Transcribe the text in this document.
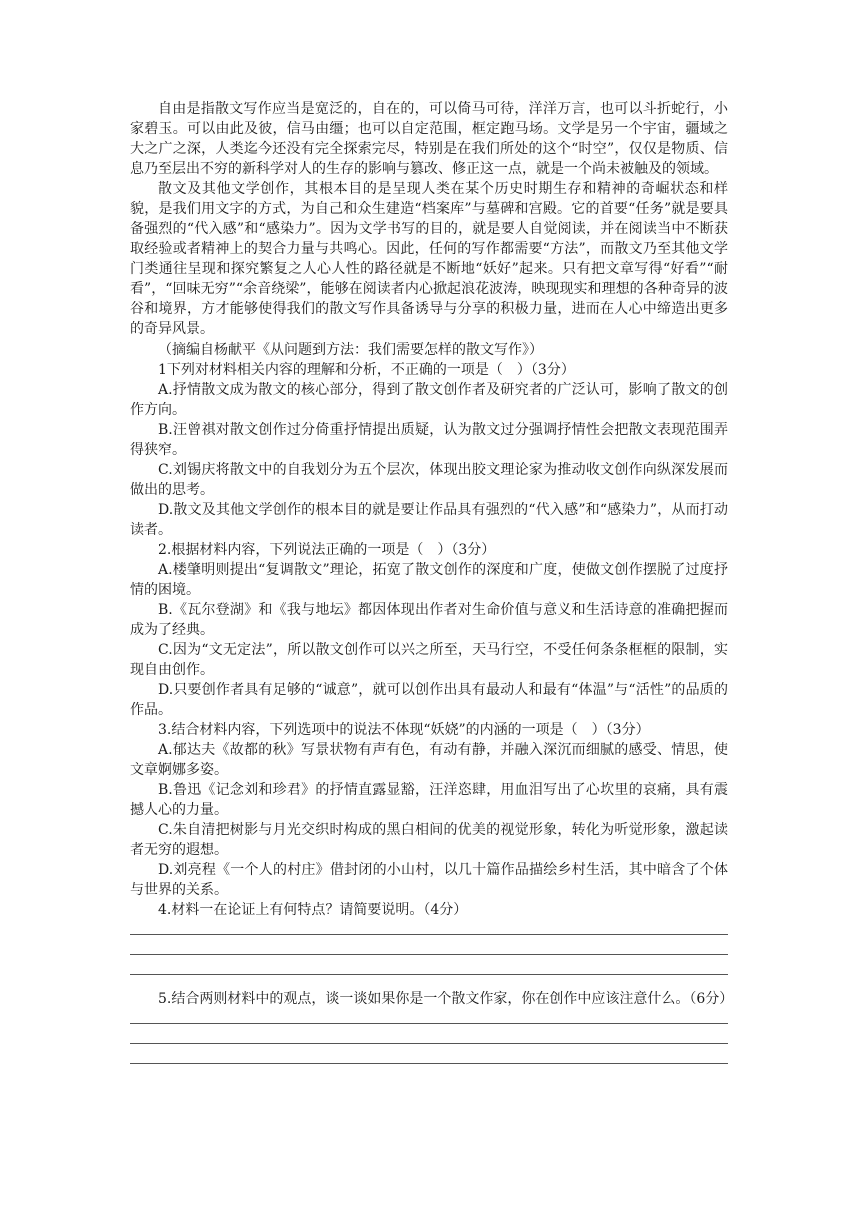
自由是指散文写作应当是宽泛的，自在的，可以倚马可待，洋洋万言，也可以斗折蛇行，小家碧玉。可以由此及彼，信马由缰；也可以自定范围，框定跑马场。文学是另一个宇宙，疆域之大之广之深，人类迄今还没有完全探索完尽，特别是在我们所处的这个“时空”，仅仅是物质、信息乃至层出不穷的新科学对人的生存的影响与篡改、修正这一点，就是一个尚未被触及的领域。

散文及其他文学创作，其根本目的是呈现人类在某个历史时期生存和精神的奇崛状态和样貌，是我们用文字的方式，为自己和众生建造“档案库”与墓碑和宫殿。它的首要“任务”就是要具备强烈的“代入感”和“感染力”。因为文学书写的目的，就是要人自觉阅读，并在阅读当中不断获取经验或者精神上的契合力量与共鸣心。因此，任何的写作都需要“方法”，而散文乃至其他文学门类通往呈现和探究繁复之人心人性的路径就是不断地“妖好”起来。只有把文章写得“好看”“耐看”，“回味无穷”“余音绕梁”，能够在阅读者内心掀起浪花波涛，映现现实和理想的各种奇异的波谷和境界，方才能够使得我们的散文写作具备诱导与分享的积极力量，进而在人心中缔造出更多的奇异风景。

（摘编自杨献平《从问题到方法：我们需要怎样的散文写作》）

1下列对材料相关内容的理解和分析，不正确的一项是（　）（3分）

A.抒情散文成为散文的核心部分，得到了散文创作者及研究者的广泛认可，影响了散文的创作方向。

B.汪曾祺对散文创作过分倚重抒情提出质疑，认为散文过分强调抒情性会把散文表现范围弄得狭窄。

C.刘锡庆将散文中的自我划分为五个层次，体现出胶文理论家为推动收文创作向纵深发展而做出的思考。

D.散文及其他文学创作的根本目的就是要让作品具有强烈的“代入感”和“感染力”，从而打动读者。

2.根据材料内容，下列说法正确的一项是（　）（3分）

A.楼肇明则提出“复调散文”理论，拓宽了散文创作的深度和广度，使做文创作摆脱了过度抒情的困境。

B.《瓦尔登湖》和《我与地坛》都因体现出作者对生命价值与意义和生活诗意的准确把握而成为了经典。

C.因为“文无定法”，所以散文创作可以兴之所至，天马行空，不受任何条条框框的限制，实现自由创作。

D.只要创作者具有足够的“诚意”，就可以创作出具有最动人和最有“体温”与“活性”的品质的作品。

3.结合材料内容，下列选项中的说法不体现“妖娆”的内涵的一项是（　）（3分）

A.郁达夫《故都的秋》写景状物有声有色，有动有静，并融入深沉而细腻的感受、情思，使文章婀娜多姿。

B.鲁迅《记念刘和珍君》的抒情直露显豁，汪洋恣肆，用血泪写出了心坎里的哀痛，具有震撼人心的力量。

C.朱自清把树影与月光交织时构成的黑白相间的优美的视觉形象，转化为听觉形象，激起读者无穷的遐想。

D.刘亮程《一个人的村庄》借封闭的小山村，以几十篇作品描绘乡村生活，其中暗含了个体与世界的关系。

4.材料一在论证上有何特点？请简要说明。（4分）

5.结合两则材料中的观点，谈一谈如果你是一个散文作家，你在创作中应该注意什么。（6分）
